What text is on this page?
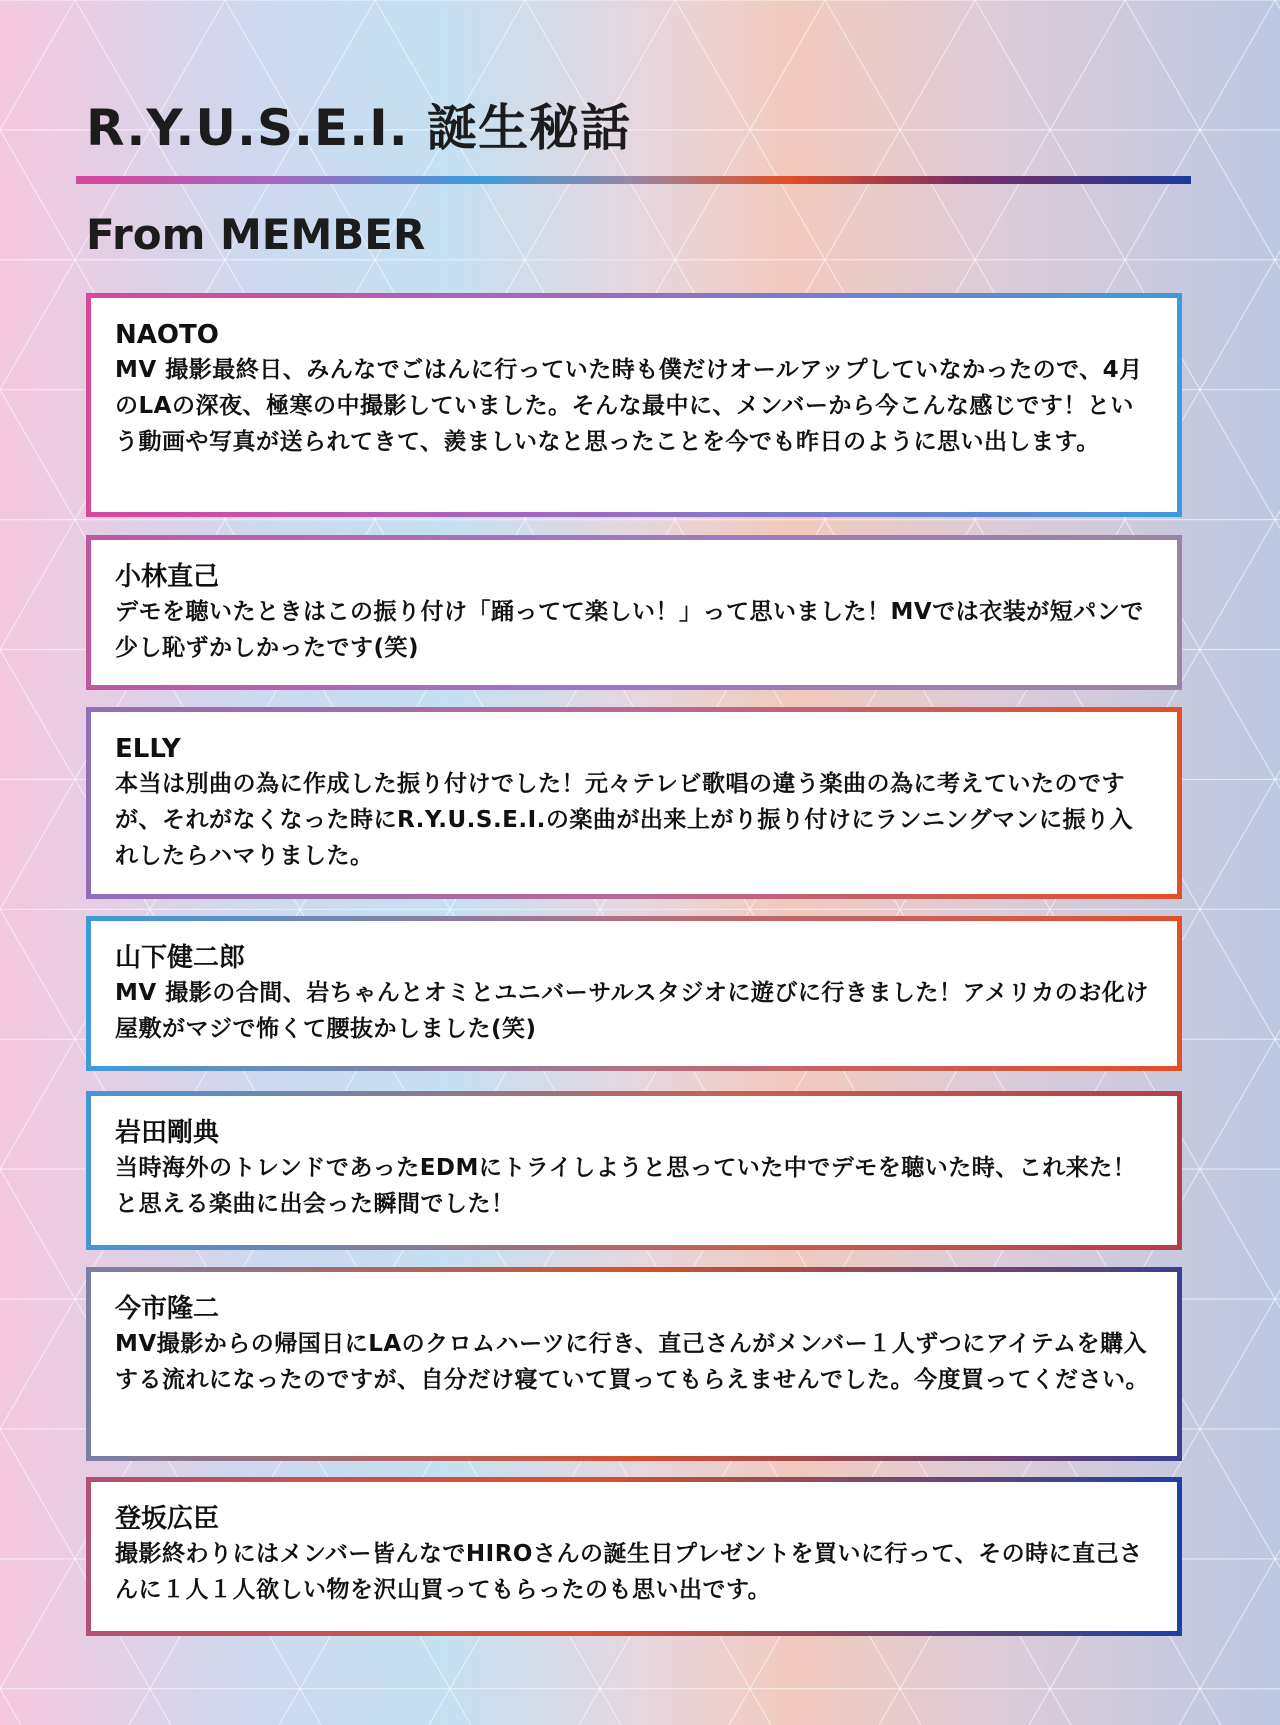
R.Y.U.S.E.I. 誕生秘話
From MEMBER
NAOTO
MV 撮影最終日、みんなでごはんに行っていた時も僕だけオールアップしていなかったので、4月のLAの深夜、極寒の中撮影していました。そんな最中に、メンバーから今こんな感じです！という動画や写真が送られてきて、羨ましいなと思ったことを今でも昨日のように思い出します。
小林直己
デモを聴いたときはこの振り付け「踊ってて楽しい！」って思いました！MVでは衣装が短パンで少し恥ずかしかったです(笑)
ELLY
本当は別曲の為に作成した振り付けでした！元々テレビ歌唱の違う楽曲の為に考えていたのですが、それがなくなった時にR.Y.U.S.E.I.の楽曲が出来上がり振り付けにランニングマンに振り入れしたらハマりました。
山下健二郎
MV 撮影の合間、岩ちゃんとオミとユニバーサルスタジオに遊びに行きました！アメリカのお化け屋敷がマジで怖くて腰抜かしました(笑)
岩田剛典
当時海外のトレンドであったEDMにトライしようと思っていた中でデモを聴いた時、これ来た！と思える楽曲に出会った瞬間でした！
今市隆二
MV撮影からの帰国日にLAのクロムハーツに行き、直己さんがメンバー１人ずつにアイテムを購入する流れになったのですが、自分だけ寝ていて買ってもらえませんでした。今度買ってください。
登坂広臣
撮影終わりにはメンバー皆んなでHIROさんの誕生日プレゼントを買いに行って、その時に直己さんに１人１人欲しい物を沢山買ってもらったのも思い出です。
